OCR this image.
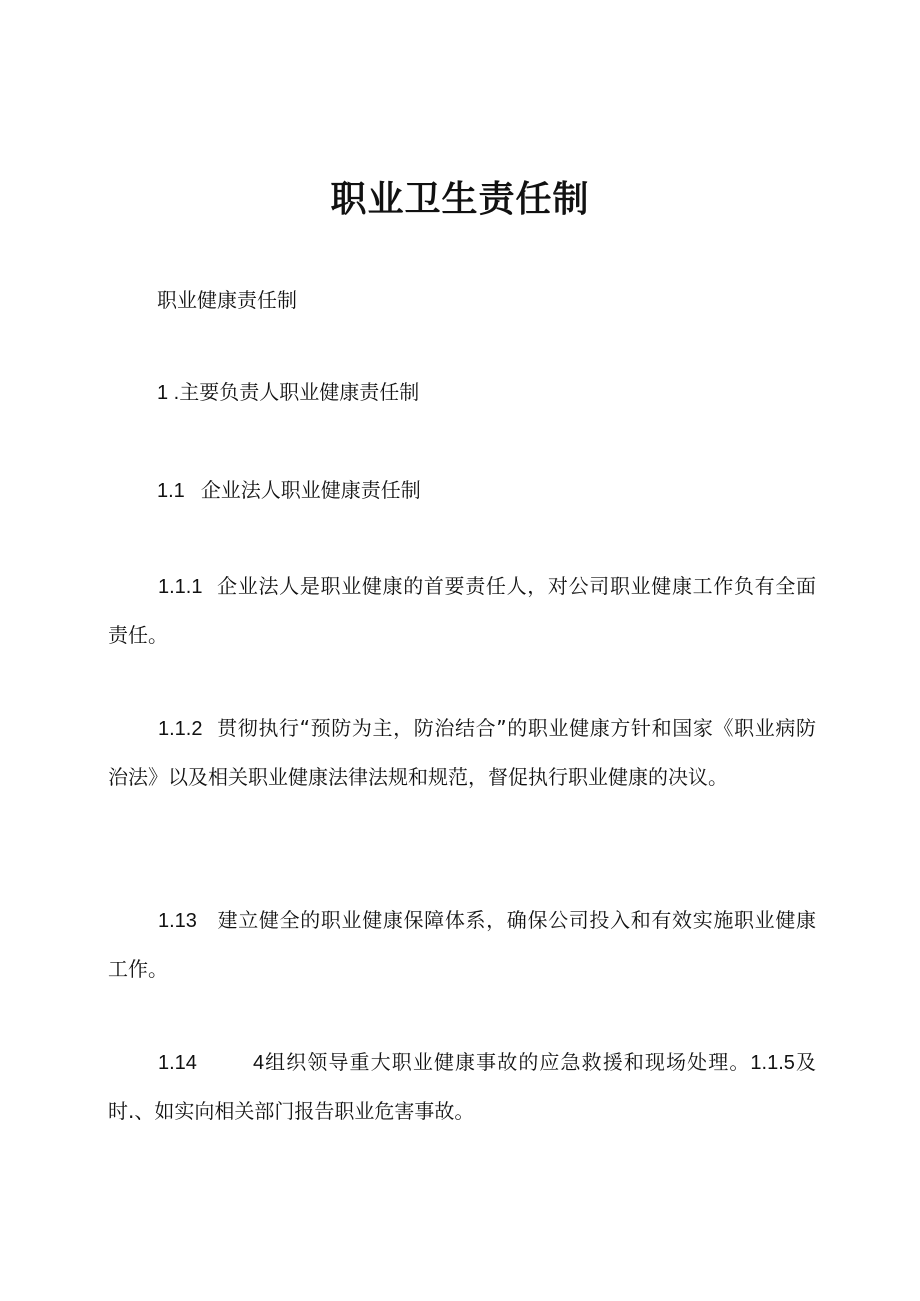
职业卫生责任制
职业健康责任制
1 .主要负责人职业健康责任制
1.1 企业法人职业健康责任制
1.1.1 企业法人是职业健康的首要责任人，对公司职业健康工作负有全面责任。
1.1.2 贯彻执行“预防为主，防治结合”的职业健康方针和国家《职业病防治法》以及相关职业健康法律法规和规范，督促执行职业健康的决议。
1.13 建立健全的职业健康保障体系，确保公司投入和有效实施职业健康工作。
1.14	4组织领导重大职业健康事故的应急救援和现场处理。1.1.5及时.、如实向相关部门报告职业危害事故。
